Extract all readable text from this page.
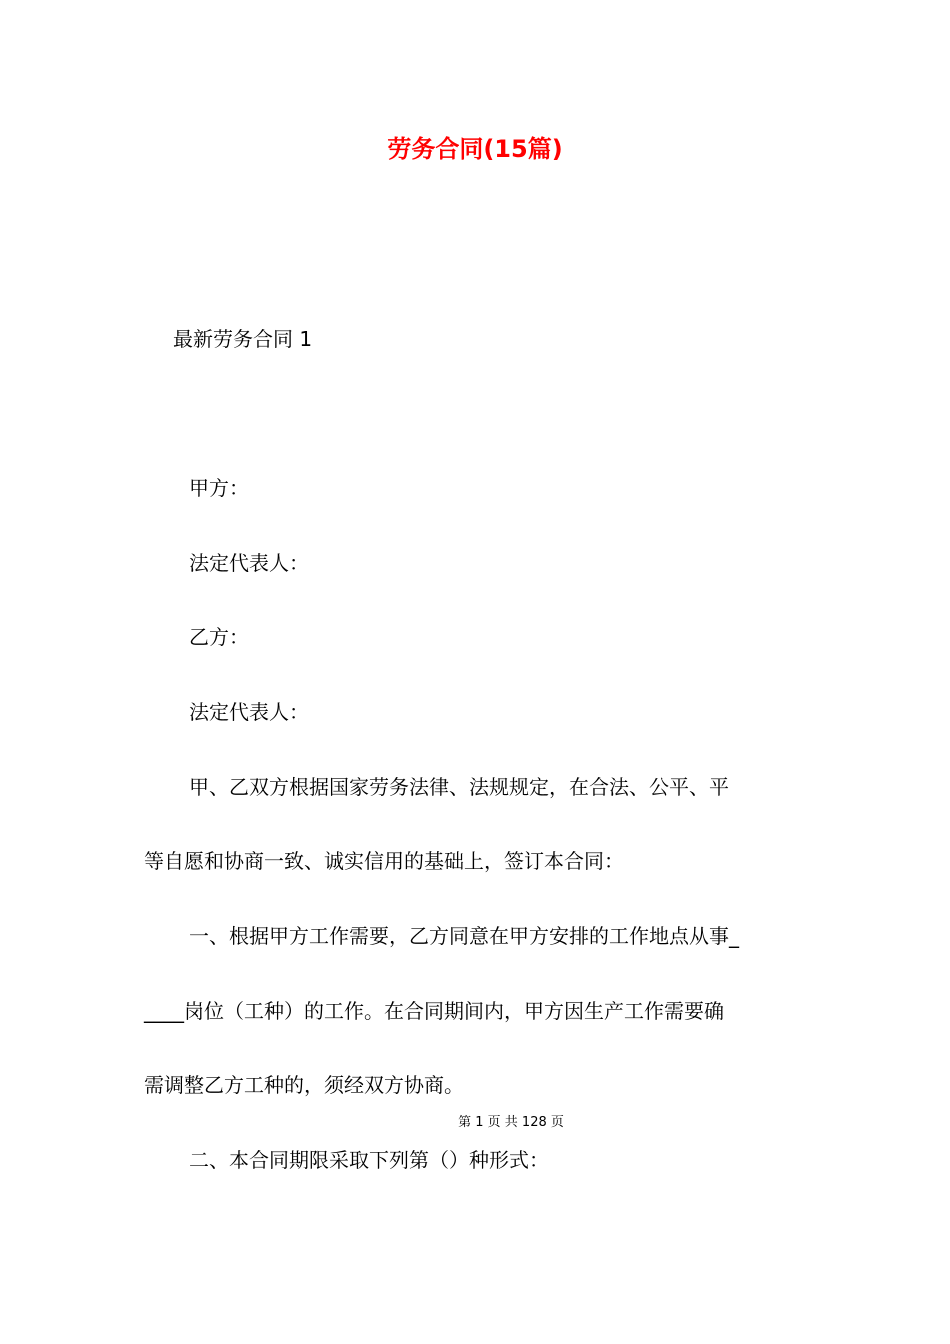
劳务合同(15篇)
最新劳务合同 1
甲方：
法定代表人：
乙方：
法定代表人：
甲、乙双方根据国家劳务法律、法规规定，在合法、公平、平
等自愿和协商一致、诚实信用的基础上，签订本合同：
一、根据甲方工作需要，乙方同意在甲方安排的工作地点从事_
____岗位（工种）的工作。在合同期间内，甲方因生产工作需要确
需调整乙方工种的，须经双方协商。
第 1 页 共 128 页
二、本合同期限采取下列第（）种形式：
